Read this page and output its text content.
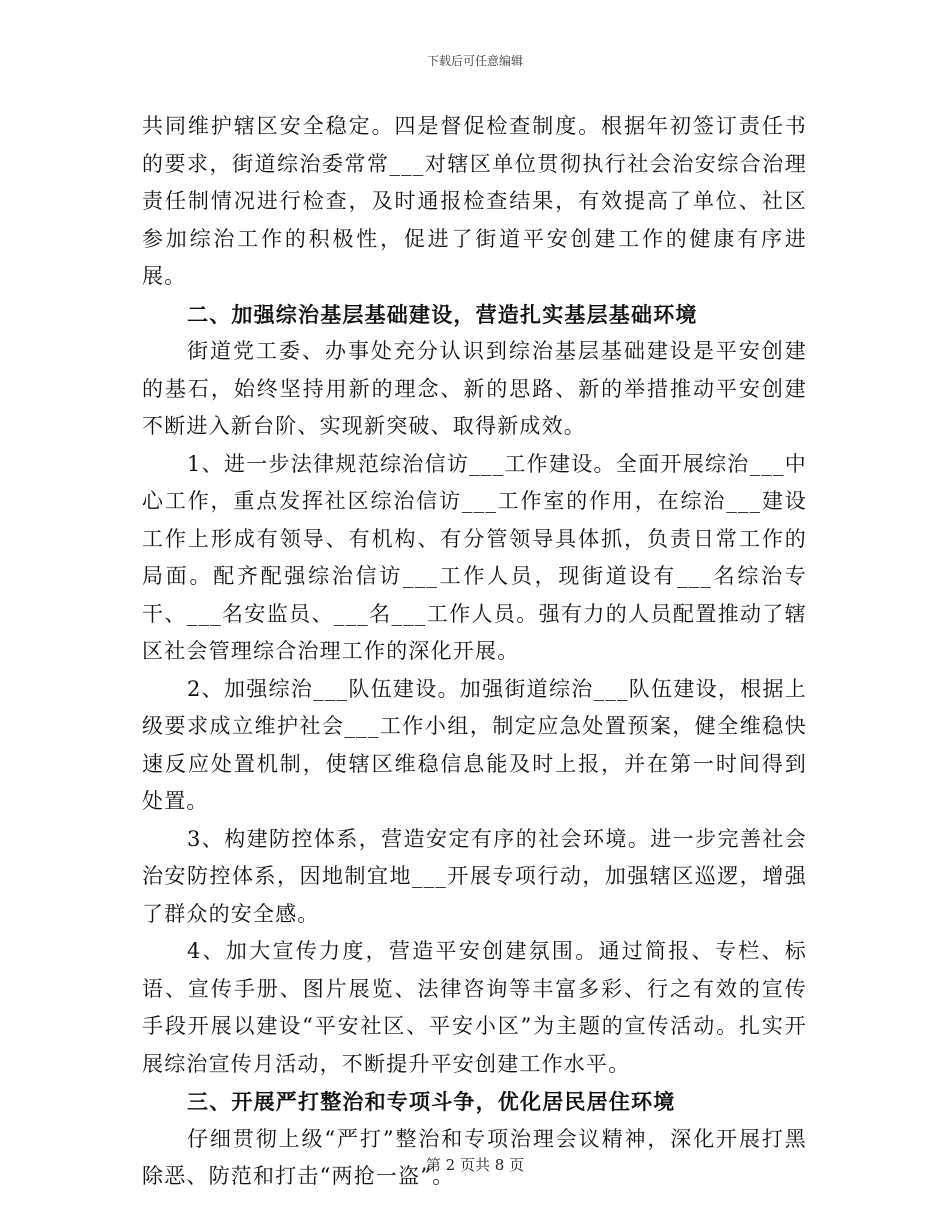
下载后可任意编辑

共同维护辖区安全稳定。四是督促检查制度。根据年初签订责任书的要求，街道综治委常常___对辖区单位贯彻执行社会治安综合治理责任制情况进行检查，及时通报检查结果，有效提高了单位、社区参加综治工作的积极性，促进了街道平安创建工作的健康有序进展。

二、加强综治基层基础建设，营造扎实基层基础环境

街道党工委、办事处充分认识到综治基层基础建设是平安创建的基石，始终坚持用新的理念、新的思路、新的举措推动平安创建不断进入新台阶、实现新突破、取得新成效。

1、进一步法律规范综治信访___工作建设。全面开展综治___中心工作，重点发挥社区综治信访___工作室的作用，在综治___建设工作上形成有领导、有机构、有分管领导具体抓，负责日常工作的局面。配齐配强综治信访___工作人员，现街道设有___名综治专干、___名安监员、___名___工作人员。强有力的人员配置推动了辖区社会管理综合治理工作的深化开展。

2、加强综治___队伍建设。加强街道综治___队伍建设，根据上级要求成立维护社会___工作小组，制定应急处置预案，健全维稳快速反应处置机制，使辖区维稳信息能及时上报，并在第一时间得到处置。

3、构建防控体系，营造安定有序的社会环境。进一步完善社会治安防控体系，因地制宜地___开展专项行动，加强辖区巡逻，增强了群众的安全感。

4、加大宣传力度，营造平安创建氛围。通过简报、专栏、标语、宣传手册、图片展览、法律咨询等丰富多彩、行之有效的宣传手段开展以建设“平安社区、平安小区”为主题的宣传活动。扎实开展综治宣传月活动，不断提升平安创建工作水平。

三、开展严打整治和专项斗争，优化居民居住环境

仔细贯彻上级“严打”整治和专项治理会议精神，深化开展打黑除恶、防范和打击“两抢一盗”。

第 2 页共 8 页
